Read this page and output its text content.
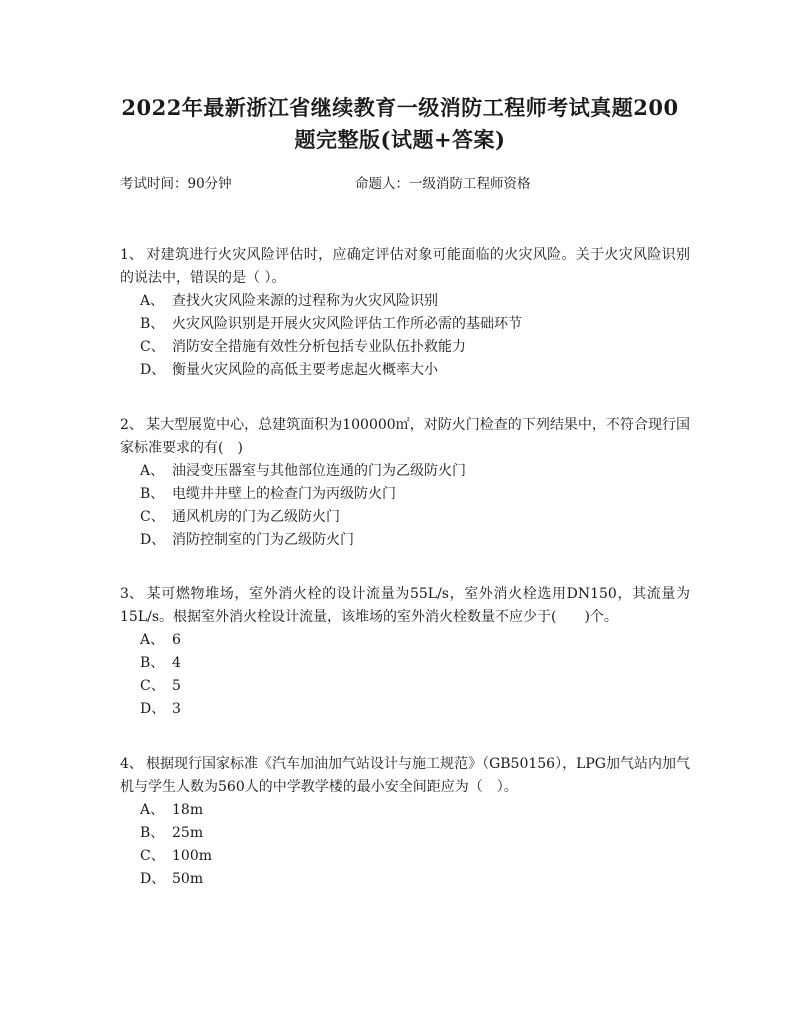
2022年最新浙江省继续教育一级消防工程师考试真题200
题完整版(试题+答案)
考试时间：90分钟	命题人：一级消防工程师资格
1、 对建筑进行火灾风险评估时，应确定评估对象可能面临的火灾风险。关于火灾风险识别的说法中，错误的是（ ）。
A、 查找火灾风险来源的过程称为火灾风险识别
B、 火灾风险识别是开展火灾风险评估工作所必需的基础环节
C、 消防安全措施有效性分析包括专业队伍扑救能力
D、 衡量火灾风险的高低主要考虑起火概率大小
2、 某大型展览中心，总建筑面积为100000㎡，对防火门检查的下列结果中，不符合现行国家标准要求的有(　)
A、 油浸变压器室与其他部位连通的门为乙级防火门
B、 电缆井井壁上的检查门为丙级防火门
C、 通风机房的门为乙级防火门
D、 消防控制室的门为乙级防火门
3、 某可燃物堆场，室外消火栓的设计流量为55L/s，室外消火栓选用DN150，其流量为15L/s。根据室外消火栓设计流量，该堆场的室外消火栓数量不应少于(　　)个。
A、 6
B、 4
C、 5
D、 3
4、 根据现行国家标准《汽车加油加气站设计与施工规范》（GB50156），LPG加气站内加气机与学生人数为560人的中学教学楼的最小安全间距应为（　）。
A、 18m
B、 25m
C、 100m
D、 50m
